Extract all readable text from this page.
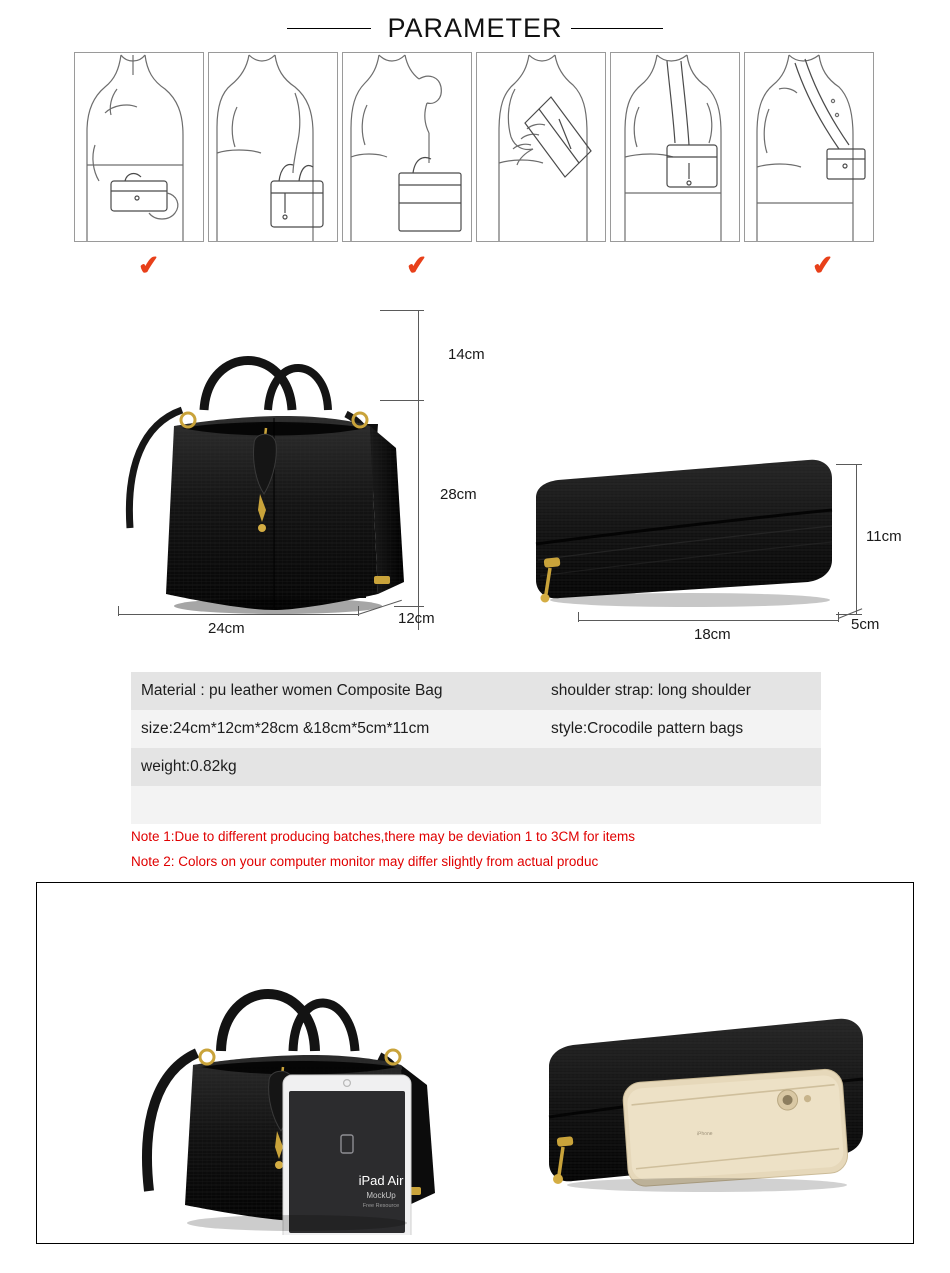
PARAMETER
✔	✔	✔
14cm
28cm
24cm
12cm
11cm
18cm
5cm
Material : pu leather women Composite Bag	shoulder strap: long shoulder
size:24cm*12cm*28cm &18cm*5cm*11cm	style:Crocodile pattern bags
weight:0.82kg
Note 1:Due to different producing batches,there may be deviation 1 to 3CM for items
Note 2: Colors on your computer monitor may differ slightly from actual produc
iPad Air
MockUp
Free Resource
iPhone
